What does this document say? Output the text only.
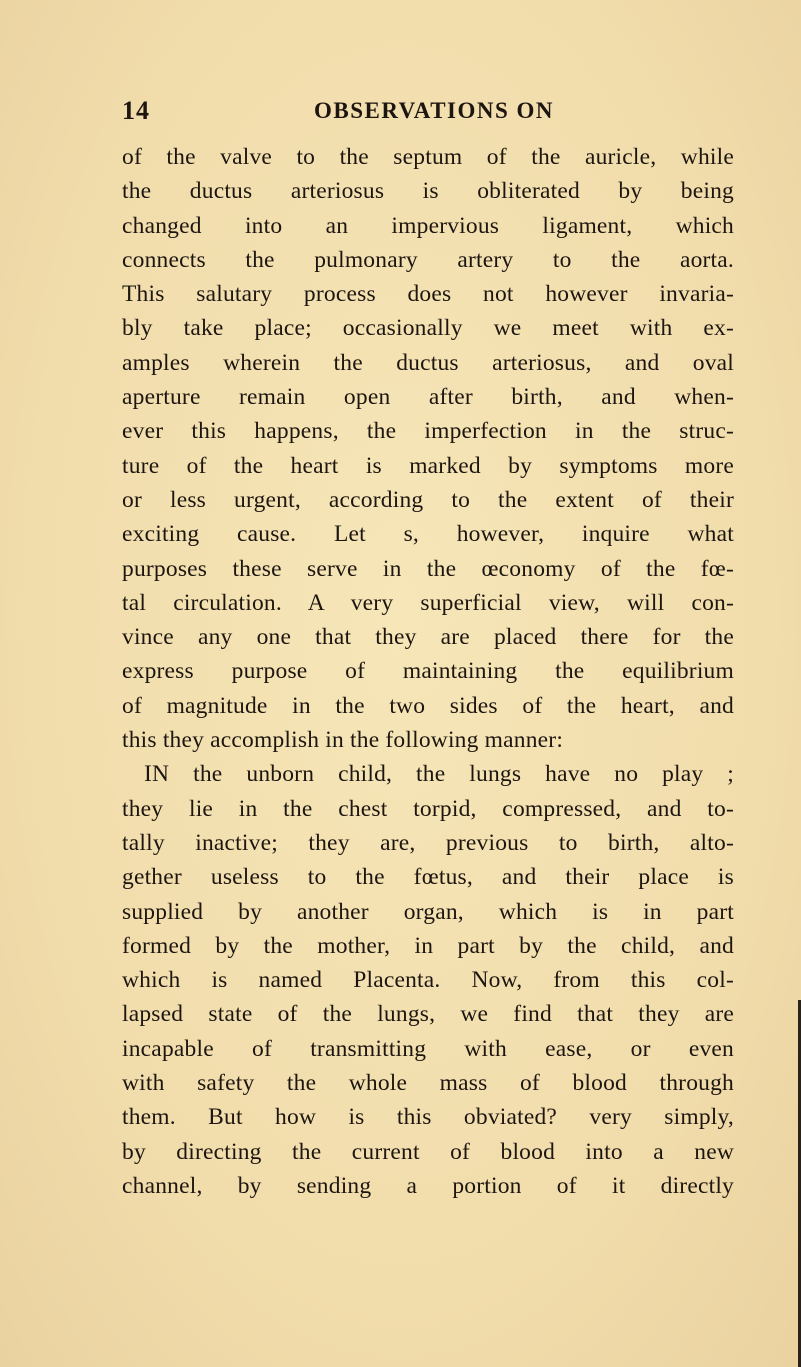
14	OBSERVATIONS ON
of the valve to the septum of the auricle, while
the ductus arteriosus is obliterated by being
changed into an impervious ligament, which
connects the pulmonary artery to the aorta.
This salutary process does not however invaria-
bly take place; occasionally we meet with ex-
amples wherein the ductus arteriosus, and oval
aperture remain open after birth, and when-
ever this happens, the imperfection in the struc-
ture of the heart is marked by symptoms more
or less urgent, according to the extent of their
exciting cause. Let s, however, inquire what
purposes these serve in the œconomy of the fœ-
tal circulation. A very superficial view, will con-
vince any one that they are placed there for the
express purpose of maintaining the equilibrium
of magnitude in the two sides of the heart, and
this they accomplish in the following manner:
IN the unborn child, the lungs have no play ;
they lie in the chest torpid, compressed, and to-
tally inactive; they are, previous to birth, alto-
gether useless to the fœtus, and their place is
supplied by another organ, which is in part
formed by the mother, in part by the child, and
which is named Placenta. Now, from this col-
lapsed state of the lungs, we find that they are
incapable of transmitting with ease, or even
with safety the whole mass of blood through
them. But how is this obviated? very simply,
by directing the current of blood into a new
channel, by sending a portion of it directly
